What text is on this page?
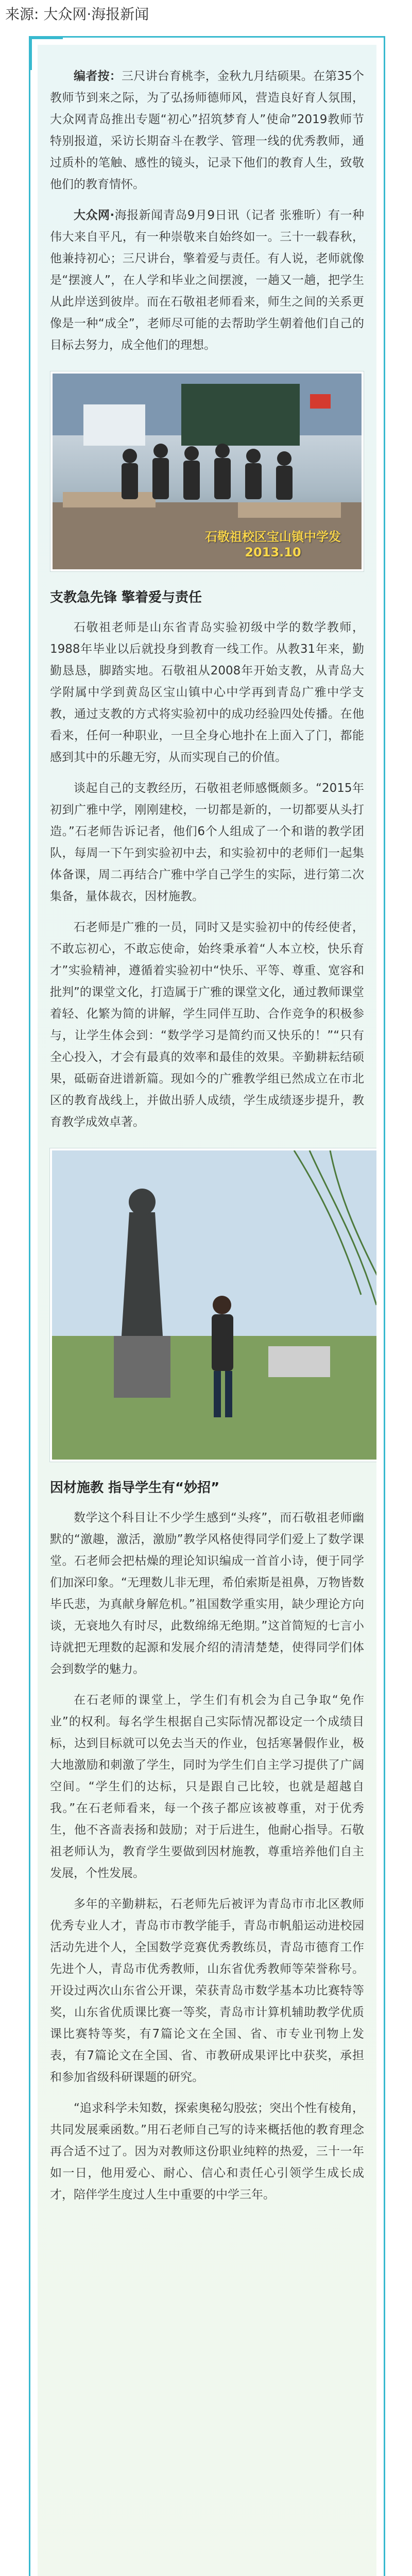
来源: 大众网·海报新闻

编者按：三尺讲台育桃李，金秋九月结硕果。在第35个教师节到来之际，为了弘扬师德师风，营造良好育人氛围，大众网青岛推出专题“初心”招筑梦育人”使命”2019教师节特别报道，采访长期奋斗在教学、管理一线的优秀教师，通过质朴的笔触、感性的镜头，记录下他们的教育人生，致敬他们的教育情怀。

大众网·海报新闻青岛9月9日讯（记者 张雅昕）有一种伟大来自平凡，有一种崇敬来自始终如一。三十一载春秋，他兼持初心；三尺讲台，擎着爱与责任。有人说，老师就像是“摆渡人”，在人学和毕业之间摆渡，一趟又一趟，把学生从此岸送到彼岸。而在石敬祖老师看来，师生之间的关系更像是一种“成全”，老师尽可能的去帮助学生朝着他们自己的目标去努力，成全他们的理想。

石敬祖校区宝山镇中学发
2013.10
支教急先锋 擎着爱与责任

石敬祖老师是山东省青岛实验初级中学的数学教师，1988年毕业以后就投身到教育一线工作。从教31年来，勤勤恳恳，脚踏实地。石敬祖从2008年开始支教，从青岛大学附属中学到黄岛区宝山镇中心中学再到青岛广雅中学支教，通过支教的方式将实验初中的成功经验四处传播。在他看来，任何一种职业，一旦全身心地扑在上面入了门，都能感到其中的乐趣无穷，从而实现自己的价值。

谈起自己的支教经历，石敬祖老师感慨颇多。“2015年初到广雅中学，刚刚建校，一切都是新的，一切都要从头打造。”石老师告诉记者，他们6个人组成了一个和谐的教学团队，每周一下午到实验初中去，和实验初中的老师们一起集体备课，周二再结合广雅中学自己学生的实际，进行第二次集备，量体裁衣，因材施教。

石老师是广雅的一员，同时又是实验初中的传经使者，不敢忘初心，不敢忘使命，始终秉承着“人本立校，快乐育才”实验精神，遵循着实验初中“快乐、平等、尊重、宽容和批判”的课堂文化，打造属于广雅的课堂文化，通过教师课堂着轻、化繁为简的讲解，学生同伴互助、合作竞争的积极参与，让学生体会到：“数学学习是简约而又快乐的！”“只有全心投入，才会有最真的效率和最佳的效果。辛勤耕耘结硕果，砥砺奋进谱新篇。现如今的广雅教学组已然成立在市北区的教育战线上，并做出骄人成绩，学生成绩逐步提升，教育教学成效卓著。

因材施教 指导学生有“妙招”

数学这个科目让不少学生感到“头疼”，而石敬祖老师幽默的“激趣，激活，激励”教学风格使得同学们爱上了数学课堂。石老师会把枯燥的理论知识编成一首首小诗，便于同学们加深印象。“无理数儿非无理，希伯索斯是祖鼻，万物皆数毕氏悲，为真献身解危机。”祖国数学重实用，缺少理论方向谈，无衰地久有时尽，此数绵绵无绝期。”这首简短的七言小诗就把无理数的起源和发展介绍的清清楚楚，使得同学们体会到数学的魅力。

在石老师的课堂上，学生们有机会为自己争取“免作业”的权利。每名学生根据自己实际情况都设定一个成绩目标，达到目标就可以免去当天的作业，包括寒暑假作业，极大地激励和刺激了学生，同时为学生们自主学习提供了广阔空间。“学生们的达标，只是跟自己比较，也就是超越自我。”在石老师看来，每一个孩子都应该被尊重，对于优秀生，他不吝啬表扬和鼓励；对于后进生，他耐心指导。石敬祖老师认为，教育学生要做到因材施教，尊重培养他们自主发展，个性发展。

多年的辛勤耕耘，石老师先后被评为青岛市市北区教师优秀专业人才，青岛市市教学能手，青岛市帆船运动进校园活动先进个人，全国数学竞赛优秀教练员，青岛市德育工作先进个人，青岛市优秀教师，山东省优秀教师等荣誉称号。开设过两次山东省公开课，荣获青岛市数学基本功比赛特等奖，山东省优质课比赛一等奖，青岛市计算机辅助教学优质课比赛特等奖，有7篇论文在全国、省、市专业刊物上发表，有7篇论文在全国、省、市教研成果评比中获奖，承担和参加省级科研课题的研究。

“追求科学未知数，探索奥秘勾股弦；突出个性有棱角，共同发展乘函数。”用石老师自己写的诗来概括他的教育理念再合适不过了。因为对教师这份职业纯粹的热爱，三十一年如一日，他用爱心、耐心、信心和责任心引领学生成长成才，陪伴学生度过人生中重要的中学三年。
